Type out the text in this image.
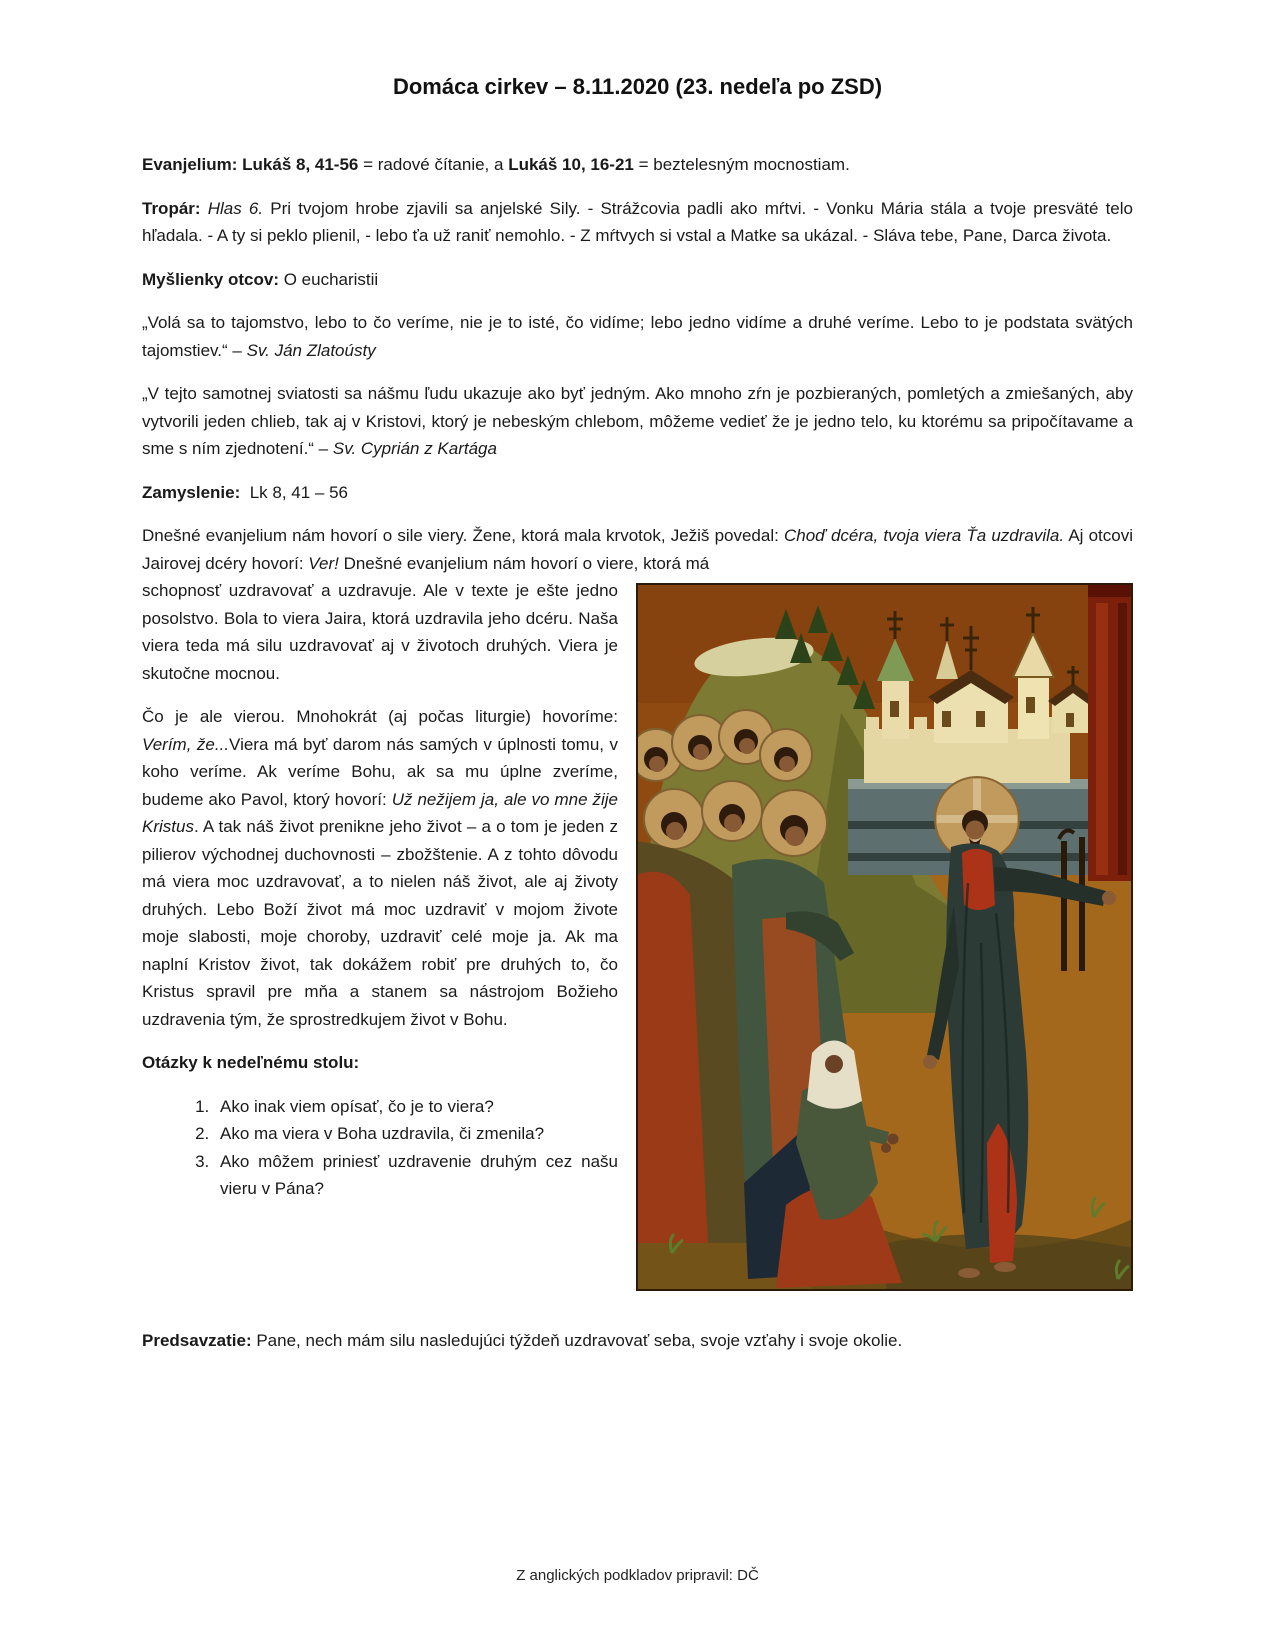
Domáca cirkev – 8.11.2020 (23. nedeľa po ZSD)

Evanjelium: Lukáš 8, 41-56 = radové čítanie, a Lukáš 10, 16-21 = beztelesným mocnostiam.

Tropár: Hlas 6. Pri tvojom hrobe zjavili sa anjelské Sily. - Strážcovia padli ako mŕtvi. - Vonku Mária stála a tvoje presväté telo hľadala. - A ty si peklo plienil, - lebo ťa už raniť nemohlo. - Z mŕtvych si vstal a Matke sa ukázal. - Sláva tebe, Pane, Darca života.

Myšlienky otcov: O eucharistii

„Volá sa to tajomstvo, lebo to čo veríme, nie je to isté, čo vidíme; lebo jedno vidíme a druhé veríme. Lebo to je podstata svätých tajomstiev.“ – Sv. Ján Zlatoústy

„V tejto samotnej sviatosti sa nášmu ľudu ukazuje ako byť jedným. Ako mnoho zŕn je pozbieraných, pomletých a zmiešaných, aby vytvorili jeden chlieb, tak aj v Kristovi, ktorý je nebeským chlebom, môžeme vedieť že je jedno telo, ku ktorému sa pripočítavame a sme s ním zjednotení.“ – Sv. Cyprián z Kartága

Zamyslenie:  Lk 8, 41 – 56

Dnešné evanjelium nám hovorí o sile viery. Žene, ktorá mala krvotok, Ježiš povedal: Choď dcéra, tvoja viera Ťa uzdravila. Aj otcovi Jairovej dcéry hovorí: Ver! Dnešné evanjelium nám hovorí o viere, ktorá má

schopnosť uzdravovať a uzdravuje. Ale v texte je ešte jedno posolstvo. Bola to viera Jaira, ktorá uzdravila jeho dcéru. Naša viera teda má silu uzdravovať aj v životoch druhých. Viera je skutočne mocnou.

Čo je ale vierou. Mnohokrát (aj počas liturgie) hovoríme: Verím, že...Viera má byť darom nás samých v úplnosti tomu, v koho veríme. Ak veríme Bohu, ak sa mu úplne zveríme, budeme ako Pavol, ktorý hovorí: Už nežijem ja, ale vo mne žije Kristus. A tak náš život prenikne jeho život – a o tom je jeden z pilierov východnej duchovnosti – zbožštenie. A z tohto dôvodu má viera moc uzdravovať, a to nielen náš život, ale aj životy druhých. Lebo Boží život má moc uzdraviť v mojom živote moje slabosti, moje choroby, uzdraviť celé moje ja. Ak ma naplní Kristov život, tak dokážem robiť pre druhých to, čo Kristus spravil pre mňa a stanem sa nástrojom Božieho uzdravenia tým, že sprostredkujem život v Bohu.

Otázky k nedeľnému stolu:
1. Ako inak viem opísať, čo je to viera?
2. Ako ma viera v Boha uzdravila, či zmenila?
3. Ako môžem priniesť uzdravenie druhým cez našu vieru v Pána?

Predsavzatie: Pane, nech mám silu nasledujúci týždeň uzdravovať seba, svoje vzťahy i svoje okolie.

Z anglických podkladov pripravil: DČ
